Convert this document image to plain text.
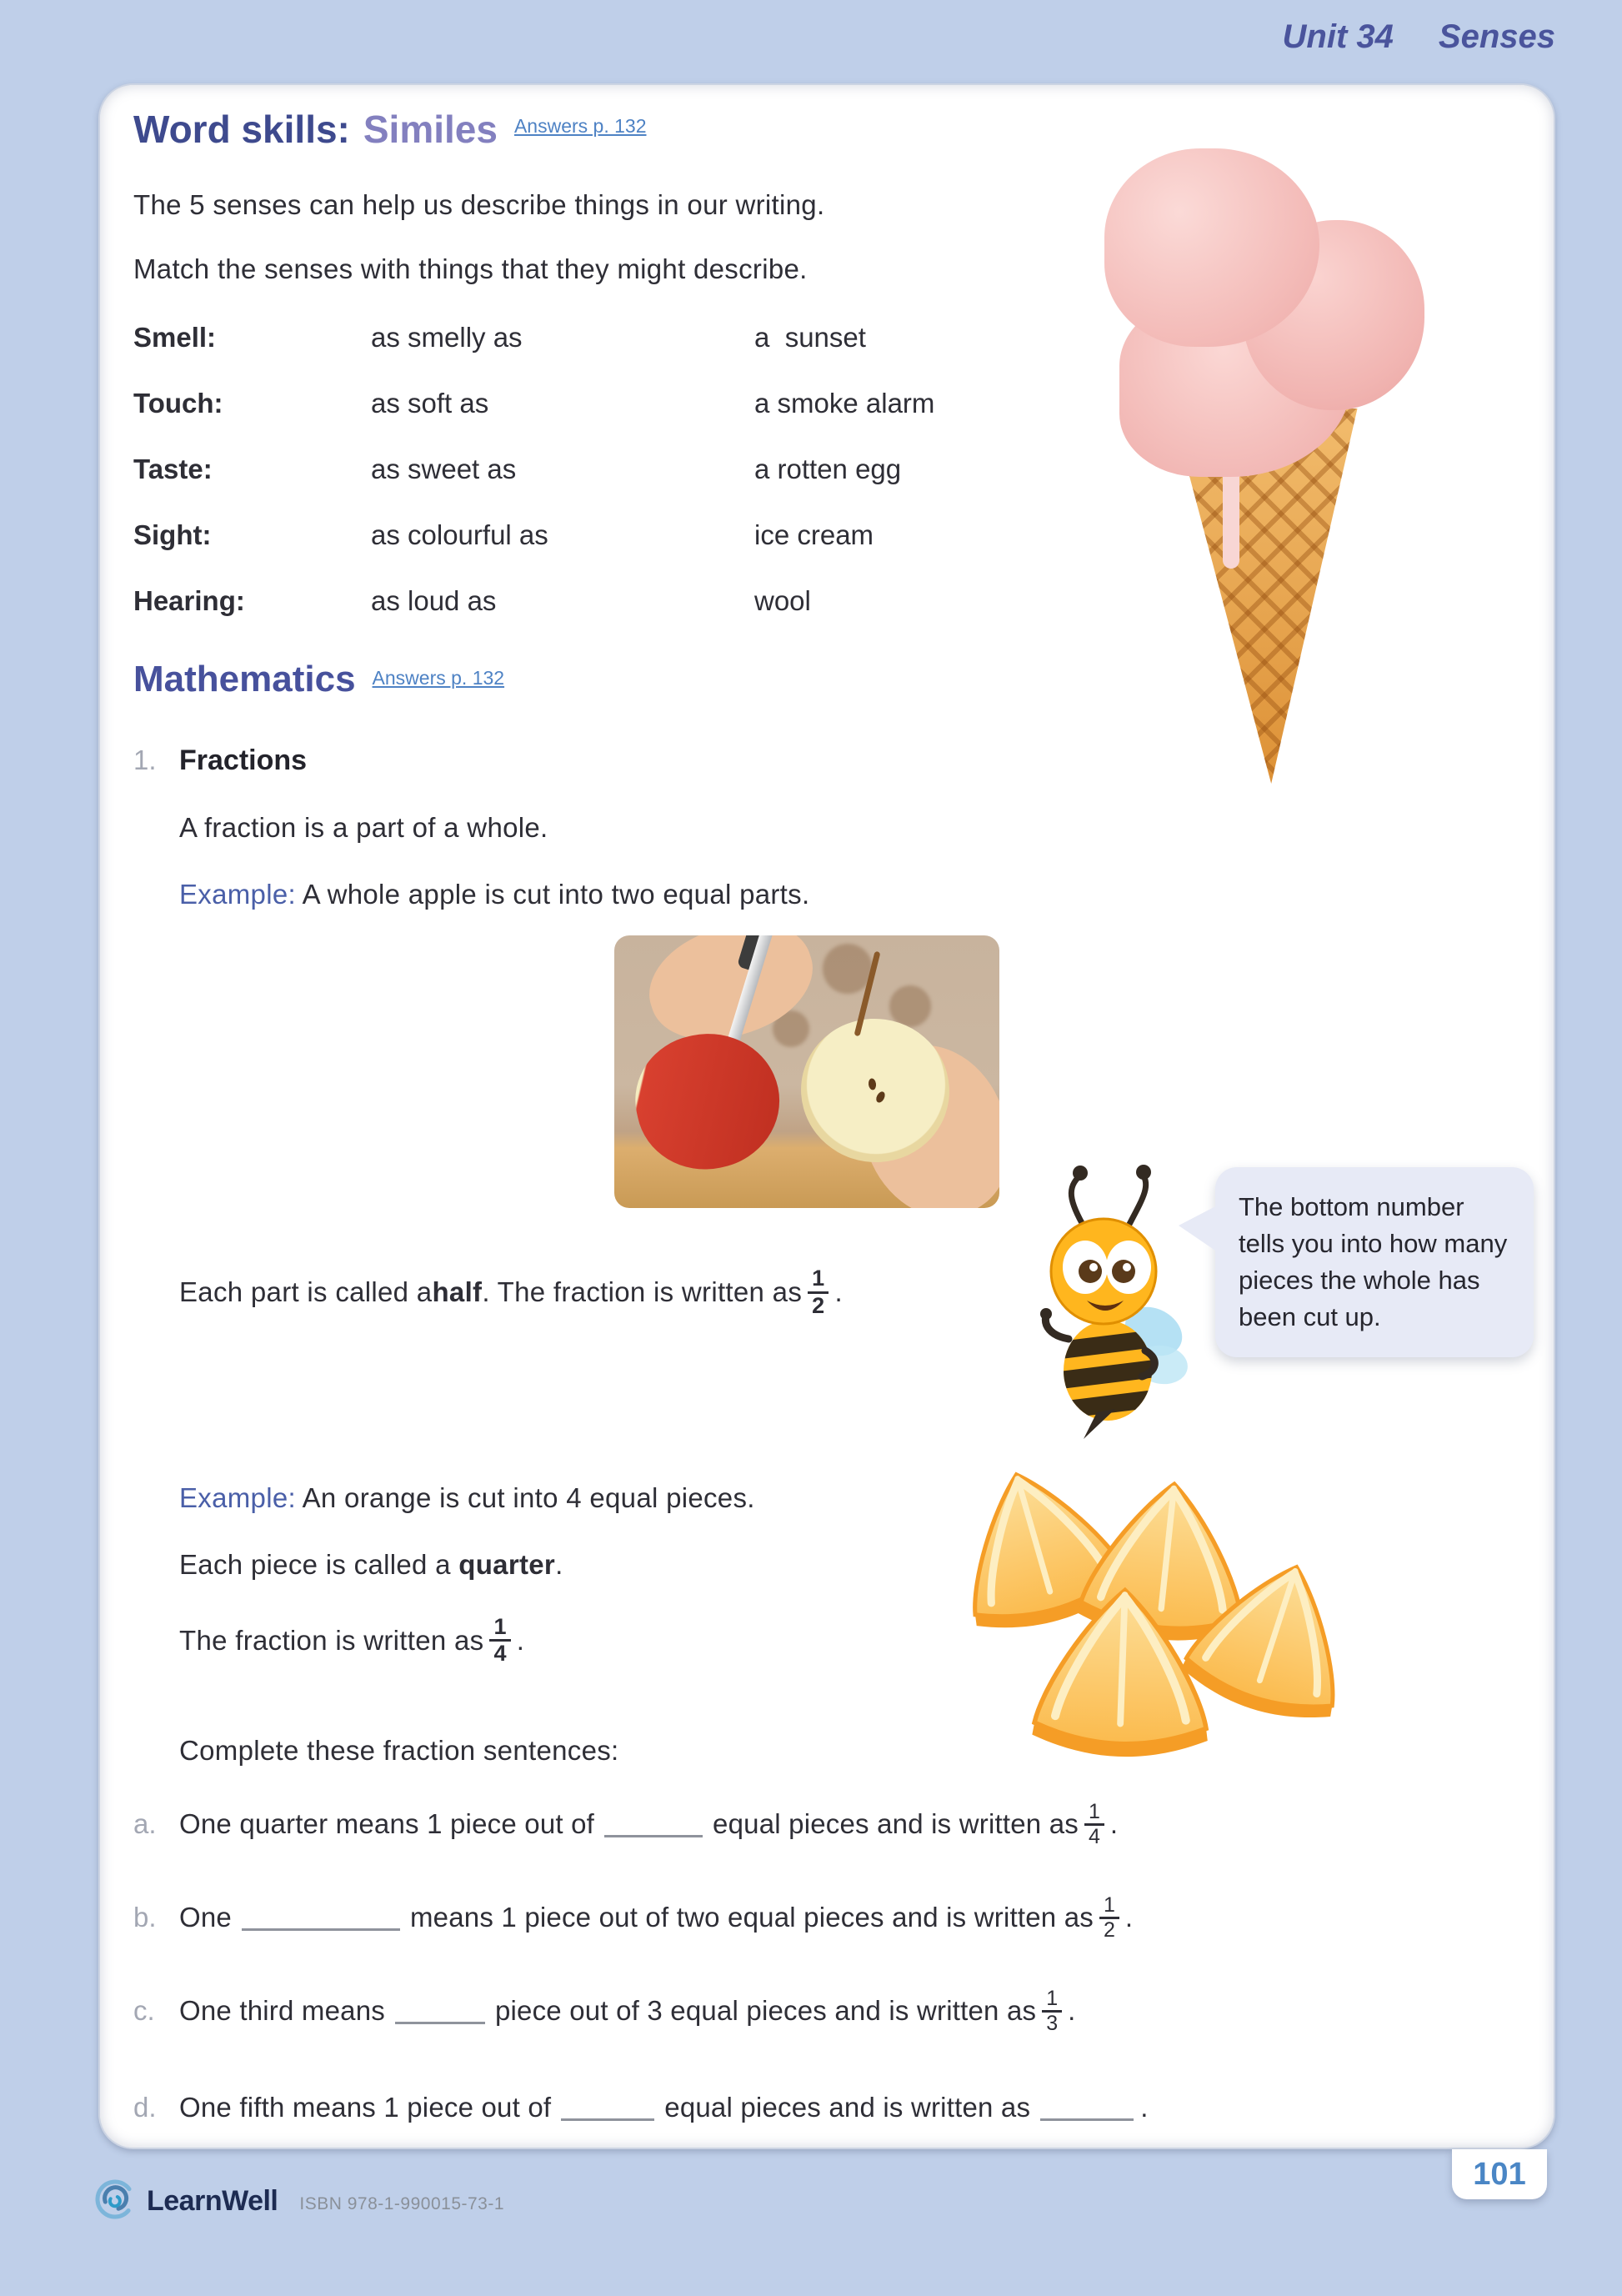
Unit 34 Senses
101
LearnWell ISBN 978-1-990015-73-1
Word skills: Similes Answers p. 132

The 5 senses can help us describe things in our writing.

Match the senses with things that they might describe.

Smell:	as smelly as	a  sunset
Touch:	as soft as	a smoke alarm
Taste:	as sweet as	a rotten egg
Sight:	as colourful as	ice cream
Hearing:	as loud as	wool
Mathematics Answers p. 132
1. Fractions

A fraction is a part of a whole.

Example: A whole apple is cut into two equal parts.

Each part is called a half . The fraction is written as $\frac{1}{2}$ .
The bottom number tells you into how many pieces the whole has been cut up.

Example: An orange is cut into 4 equal pieces.

Each piece is called a quarter.

The fraction is written as $\frac{1}{4}$ .

Complete these fraction sentences:

a. One quarter means 1 piece out of	equal pieces and is written as $\frac{1}{4}$ .
b. One	means 1 piece out of two equal pieces and is written as $\frac{1}{2}$ .
c. One third means	piece out of 3 equal pieces and is written as $\frac{1}{3}$ .
d. One fifth means 1 piece out of	equal pieces and is written as	.
